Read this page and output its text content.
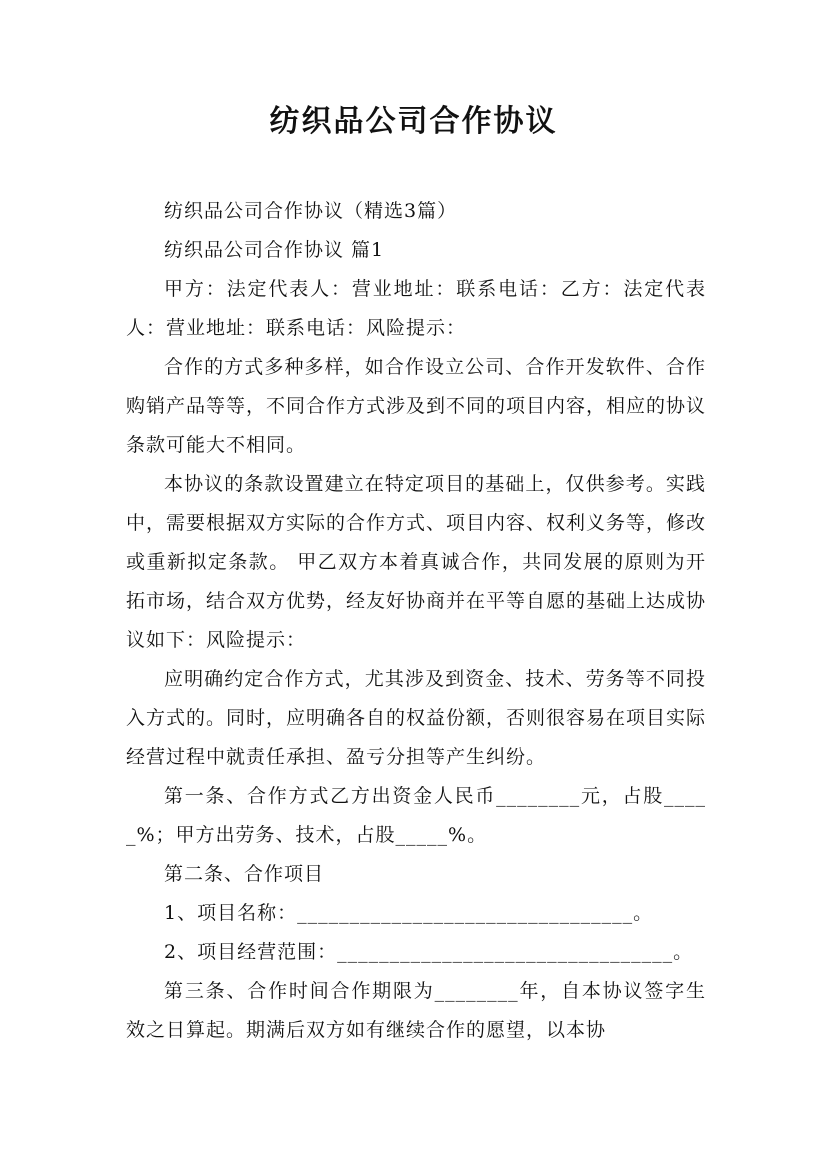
纺织品公司合作协议

纺织品公司合作协议（精选3篇）

纺织品公司合作协议 篇1

甲方：法定代表人：营业地址：联系电话：乙方：法定代表人：营业地址：联系电话：风险提示：

合作的方式多种多样，如合作设立公司、合作开发软件、合作购销产品等等，不同合作方式涉及到不同的项目内容，相应的协议条款可能大不相同。

本协议的条款设置建立在特定项目的基础上，仅供参考。实践中，需要根据双方实际的合作方式、项目内容、权利义务等，修改或重新拟定条款。 甲乙双方本着真诚合作，共同发展的原则为开拓市场，结合双方优势，经友好协商并在平等自愿的基础上达成协议如下：风险提示：

应明确约定合作方式，尤其涉及到资金、技术、劳务等不同投入方式的。同时，应明确各自的权益份额，否则很容易在项目实际经营过程中就责任承担、盈亏分担等产生纠纷。

第一条、合作方式乙方出资金人民币________元，占股_____%；甲方出劳务、技术，占股_____%。

第二条、合作项目

1、项目名称：________________________________。

2、项目经营范围：________________________________。

第三条、合作时间合作期限为________年，自本协议签字生效之日算起。期满后双方如有继续合作的愿望，以本协
